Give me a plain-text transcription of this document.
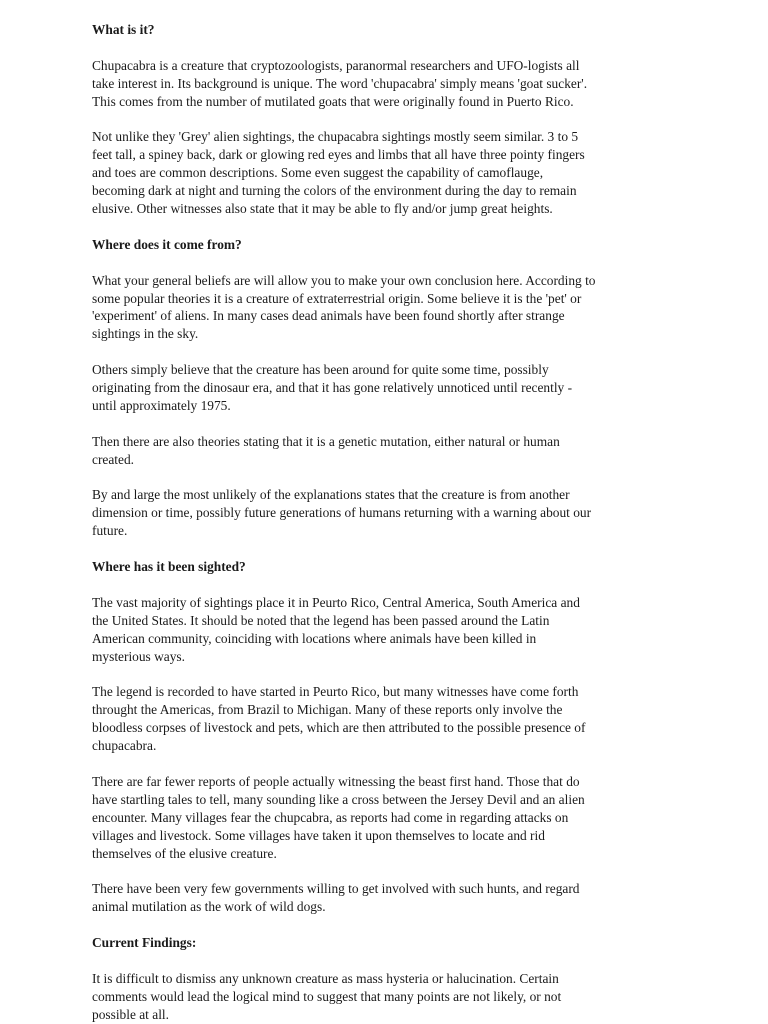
What is it?
Chupacabra is a creature that cryptozoologists, paranormal researchers and UFO-logists all
take interest in. Its background is unique. The word 'chupacabra' simply means 'goat sucker'.
This comes from the number of mutilated goats that were originally found in Puerto Rico.
Not unlike they 'Grey' alien sightings, the chupacabra sightings mostly seem similar. 3 to 5
feet tall, a spiney back, dark or glowing red eyes and limbs that all have three pointy fingers
and toes are common descriptions. Some even suggest the capability of camoflauge,
becoming dark at night and turning the colors of the environment during the day to remain
elusive. Other witnesses also state that it may be able to fly and/or jump great heights.
Where does it come from?
What your general beliefs are will allow you to make your own conclusion here. According to
some popular theories it is a creature of extraterrestrial origin. Some believe it is the 'pet' or
'experiment' of aliens. In many cases dead animals have been found shortly after strange
sightings in the sky.
Others simply believe that the creature has been around for quite some time, possibly
originating from the dinosaur era, and that it has gone relatively unnoticed until recently -
until approximately 1975.
Then there are also theories stating that it is a genetic mutation, either natural or human
created.
By and large the most unlikely of the explanations states that the creature is from another
dimension or time, possibly future generations of humans returning with a warning about our
future.
Where has it been sighted?
The vast majority of sightings place it in Peurto Rico, Central America, South America and
the United States. It should be noted that the legend has been passed around the Latin
American community, coinciding with locations where animals have been killed in
mysterious ways.
The legend is recorded to have started in Peurto Rico, but many witnesses have come forth
throught the Americas, from Brazil to Michigan. Many of these reports only involve the
bloodless corpses of livestock and pets, which are then attributed to the possible presence of
chupacabra.
There are far fewer reports of people actually witnessing the beast first hand. Those that do
have startling tales to tell, many sounding like a cross between the Jersey Devil and an alien
encounter. Many villages fear the chupcabra, as reports had come in regarding attacks on
villages and livestock. Some villages have taken it upon themselves to locate and rid
themselves of the elusive creature.
There have been very few governments willing to get involved with such hunts, and regard
animal mutilation as the work of wild dogs.
Current Findings:
It is difficult to dismiss any unknown creature as mass hysteria or halucination. Certain
comments would lead the logical mind to suggest that many points are not likely, or not
possible at all.
